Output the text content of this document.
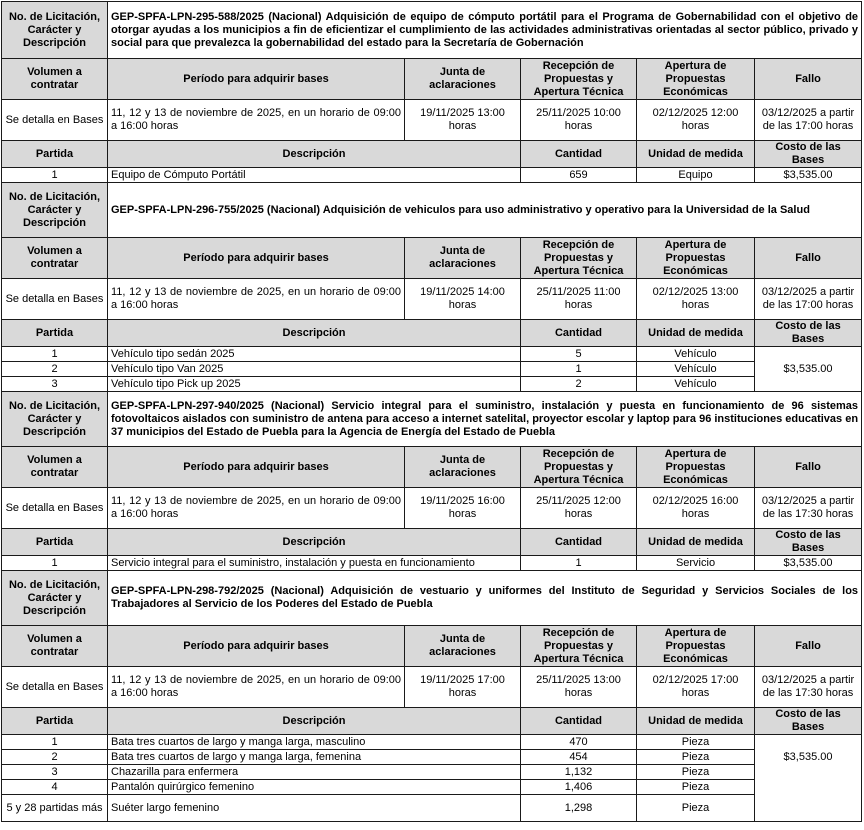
No. de Licitación, Carácter y Descripción	GEP-SPFA-LPN-295-588/2025 (Nacional) Adquisición de equipo de cómputo portátil para el Programa de Gobernabilidad con el objetivo de otorgar ayudas a los municipios a fin de eficientizar el cumplimiento de las actividades administrativas orientadas al sector público, privado y social para que prevalezca la gobernabilidad del estado para la Secretaría de Gobernación				
Volumen a contratar	Período para adquirir bases	Junta de aclaraciones	Recepción de Propuestas y Apertura Técnica	Apertura de Propuestas Económicas	Fallo
Se detalla en Bases	11, 12 y 13 de noviembre de 2025, en un horario de 09:00 a 16:00 horas	19/11/2025 13:00 horas	25/11/2025 10:00 horas	02/12/2025 12:00 horas	03/12/2025 a partir de las 17:00 horas
Partida	Descripción		Cantidad	Unidad de medida	Costo de las Bases
1	Equipo de Cómputo Portátil		659	Equipo	$3,535.00
No. de Licitación, Carácter y Descripción	GEP-SPFA-LPN-296-755/2025 (Nacional) Adquisición de vehiculos para uso administrativo y operativo para la Universidad de la Salud				
Volumen a contratar	Período para adquirir bases	Junta de aclaraciones	Recepción de Propuestas y Apertura Técnica	Apertura de Propuestas Económicas	Fallo
Se detalla en Bases	11, 12 y 13 de noviembre de 2025, en un horario de 09:00 a 16:00 horas	19/11/2025 14:00 horas	25/11/2025 11:00 horas	02/12/2025 13:00 horas	03/12/2025 a partir de las 17:00 horas
Partida	Descripción		Cantidad	Unidad de medida	Costo de las Bases
1	Vehículo tipo sedán 2025		5	Vehículo	$3,535.00
2	Vehículo tipo Van 2025		1	Vehículo	
3	Vehículo tipo Pick up 2025		2	Vehículo	
No. de Licitación, Carácter y Descripción	GEP-SPFA-LPN-297-940/2025 (Nacional) Servicio integral para el suministro, instalación y puesta en funcionamiento de 96 sistemas fotovoltaicos aislados con suministro de antena para acceso a internet satelital, proyector escolar y laptop para 96 instituciones educativas en 37 municipios del Estado de Puebla para la Agencia de Energía del Estado de Puebla				
Volumen a contratar	Período para adquirir bases	Junta de aclaraciones	Recepción de Propuestas y Apertura Técnica	Apertura de Propuestas Económicas	Fallo
Se detalla en Bases	11, 12 y 13 de noviembre de 2025, en un horario de 09:00 a 16:00 horas	19/11/2025 16:00 horas	25/11/2025 12:00 horas	02/12/2025 16:00 horas	03/12/2025 a partir de las 17:30 horas
Partida	Descripción		Cantidad	Unidad de medida	Costo de las Bases
1	Servicio integral para el suministro, instalación y puesta en funcionamiento		1	Servicio	$3,535.00
No. de Licitación, Carácter y Descripción	GEP-SPFA-LPN-298-792/2025 (Nacional) Adquisición de vestuario y uniformes del Instituto de Seguridad y Servicios Sociales de los Trabajadores al Servicio de los Poderes del Estado de Puebla				
Volumen a contratar	Período para adquirir bases	Junta de aclaraciones	Recepción de Propuestas y Apertura Técnica	Apertura de Propuestas Económicas	Fallo
Se detalla en Bases	11, 12 y 13 de noviembre de 2025, en un horario de 09:00 a 16:00 horas	19/11/2025 17:00 horas	25/11/2025 13:00 horas	02/12/2025 17:00 horas	03/12/2025 a partir de las 17:30 horas
Partida	Descripción		Cantidad	Unidad de medida	Costo de las Bases
1	Bata tres cuartos de largo y manga larga, masculino		470	Pieza	$3,535.00
2	Bata tres cuartos de largo y manga larga, femenina		454	Pieza	
3	Chazarilla para enfermera		1,132	Pieza	
4	Pantalón quirúrgico femenino		1,406	Pieza	
5 y 28 partidas más	Suéter largo femenino		1,298	Pieza	
